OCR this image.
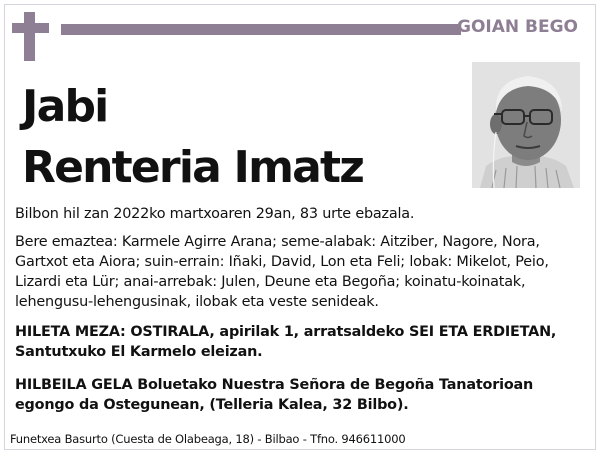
GOIAN BEGO
Jabi
Renteria Imatz
Bilbon hil zan 2022ko martxoaren 29an, 83 urte ebazala.
Bere emaztea: Karmele Agirre Arana; seme-alabak: Aitziber, Nagore, Nora, Gartxot eta Aiora; suin-errain: Iñaki, David, Lon eta Feli; lobak: Mikelot, Peio, Lizardi eta Lür; anai-arrebak: Julen, Deune eta Begoña; koinatu-koinatak, lehengusu-lehengusinak, ilobak eta veste senideak.
HILETA MEZA: OSTIRALA, apirilak 1, arratsaldeko SEI ETA ERDIETAN, Santutxuko El Karmelo eleizan.
HILBEILA GELA Boluetako Nuestra Señora de Begoña Tanatorioan egongo da Ostegunean, (Telleria Kalea, 32 Bilbo).
Funetxea Basurto (Cuesta de Olabeaga, 18) - Bilbao - Tfno. 946611000
